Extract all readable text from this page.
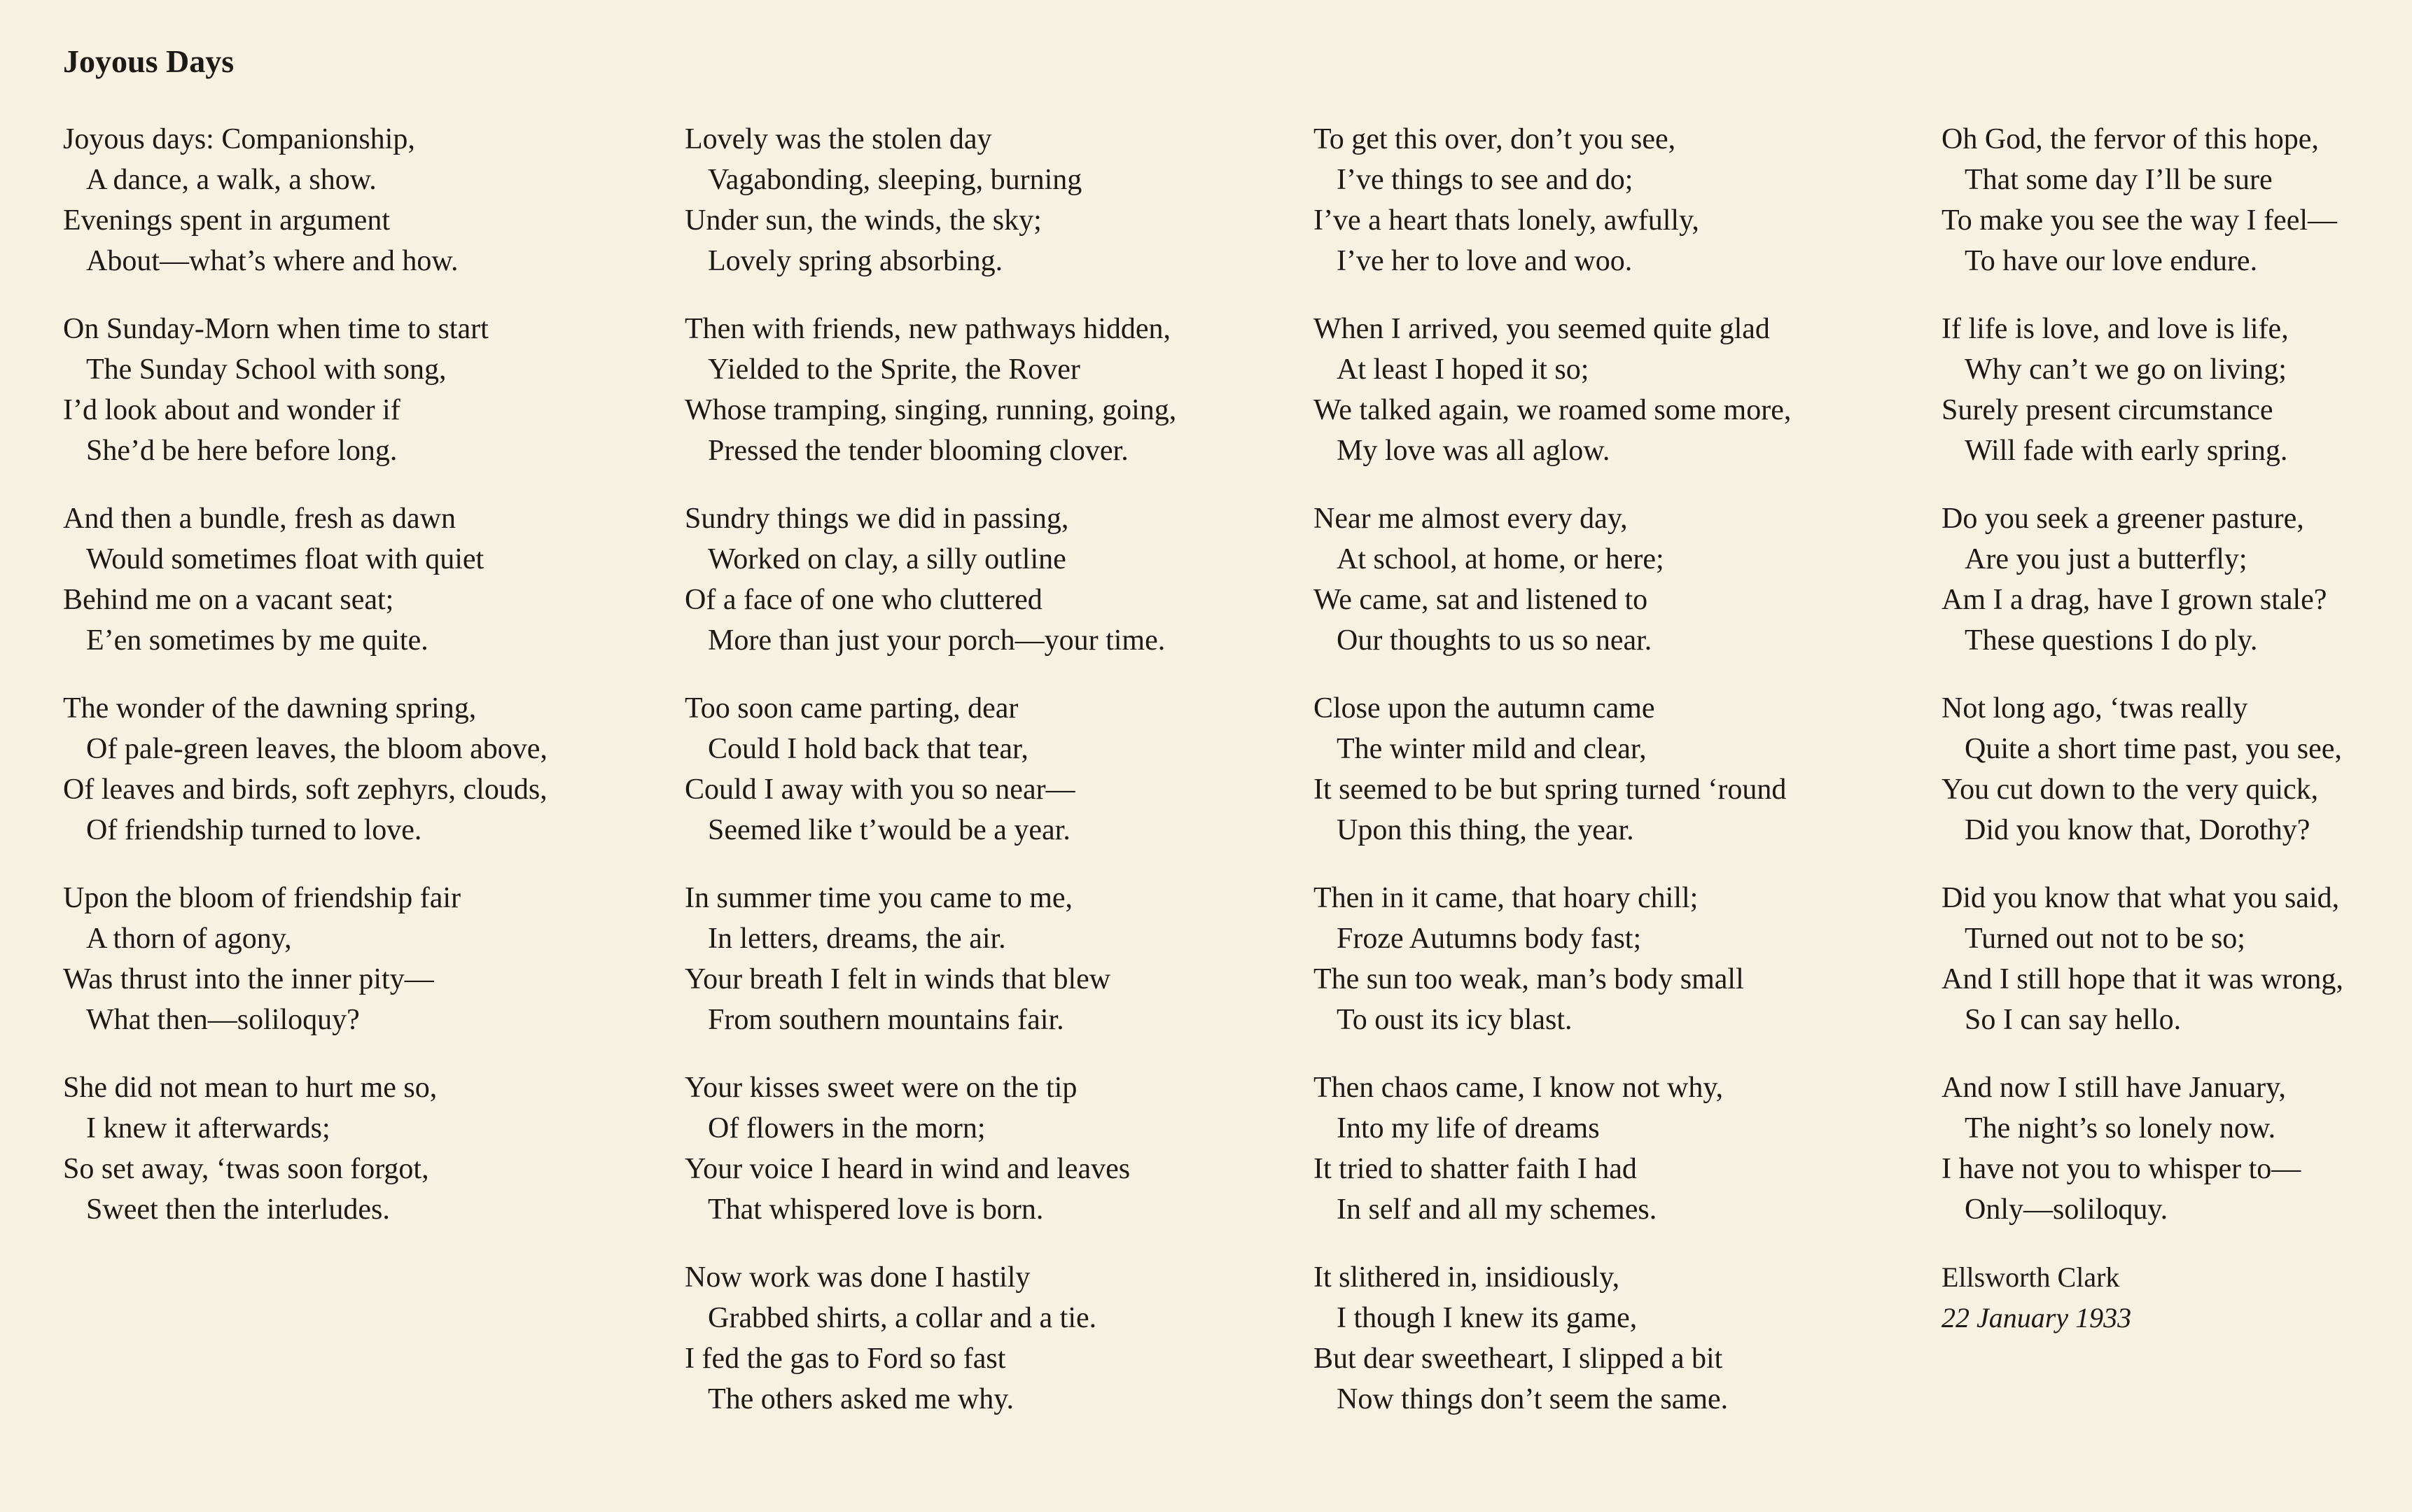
Joyous Days
Joyous days: Companionship,
A dance, a walk, a show.
Evenings spent in argument
About—what’s where and how.
On Sunday-Morn when time to start
The Sunday School with song,
I’d look about and wonder if
She’d be here before long.
And then a bundle, fresh as dawn
Would sometimes float with quiet
Behind me on a vacant seat;
E’en sometimes by me quite.
The wonder of the dawning spring,
Of pale-green leaves, the bloom above,
Of leaves and birds, soft zephyrs, clouds,
Of friendship turned to love.
Upon the bloom of friendship fair
A thorn of agony,
Was thrust into the inner pity—
What then—soliloquy?
She did not mean to hurt me so,
I knew it afterwards;
So set away, ‘twas soon forgot,
Sweet then the interludes.
Lovely was the stolen day
Vagabonding, sleeping, burning
Under sun, the winds, the sky;
Lovely spring absorbing.
Then with friends, new pathways hidden,
Yielded to the Sprite, the Rover
Whose tramping, singing, running, going,
Pressed the tender blooming clover.
Sundry things we did in passing,
Worked on clay, a silly outline
Of a face of one who cluttered
More than just your porch—your time.
Too soon came parting, dear
Could I hold back that tear,
Could I away with you so near—
Seemed like t’would be a year.
In summer time you came to me,
In letters, dreams, the air.
Your breath I felt in winds that blew
From southern mountains fair.
Your kisses sweet were on the tip
Of flowers in the morn;
Your voice I heard in wind and leaves
That whispered love is born.
Now work was done I hastily
Grabbed shirts, a collar and a tie.
I fed the gas to Ford so fast
The others asked me why.
To get this over, don’t you see,
I’ve things to see and do;
I’ve a heart thats lonely, awfully,
I’ve her to love and woo.
When I arrived, you seemed quite glad
At least I hoped it so;
We talked again, we roamed some more,
My love was all aglow.
Near me almost every day,
At school, at home, or here;
We came, sat and listened to
Our thoughts to us so near.
Close upon the autumn came
The winter mild and clear,
It seemed to be but spring turned ‘round
Upon this thing, the year.
Then in it came, that hoary chill;
Froze Autumns body fast;
The sun too weak, man’s body small
To oust its icy blast.
Then chaos came, I know not why,
Into my life of dreams
It tried to shatter faith I had
In self and all my schemes.
It slithered in, insidiously,
I though I knew its game,
But dear sweetheart, I slipped a bit
Now things don’t seem the same.
Oh God, the fervor of this hope,
That some day I’ll be sure
To make you see the way I feel—
To have our love endure.
If life is love, and love is life,
Why can’t we go on living;
Surely present circumstance
Will fade with early spring.
Do you seek a greener pasture,
Are you just a butterfly;
Am I a drag, have I grown stale?
These questions I do ply.
Not long ago, ‘twas really
Quite a short time past, you see,
You cut down to the very quick,
Did you know that, Dorothy?
Did you know that what you said,
Turned out not to be so;
And I still hope that it was wrong,
So I can say hello.
And now I still have January,
The night’s so lonely now.
I have not you to whisper to—
Only—soliloquy.
Ellsworth Clark
22 January 1933
